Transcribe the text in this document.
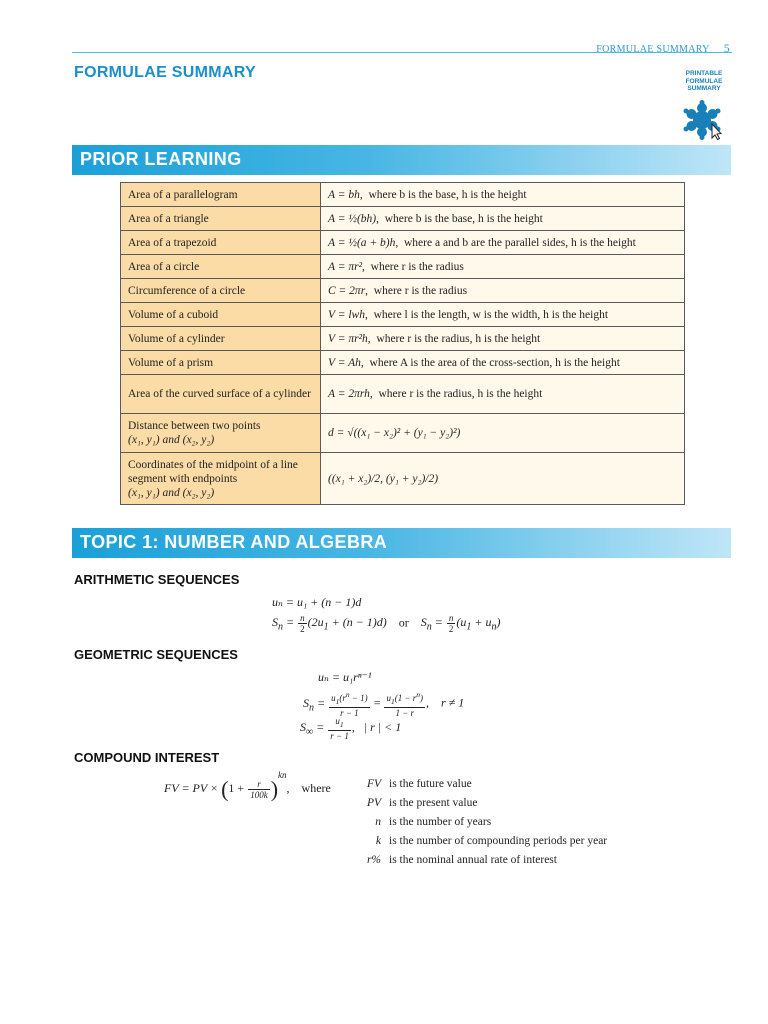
FORMULAE SUMMARY 5
FORMULAE SUMMARY	PRINTABLE
FORMULAE
SUMMARY
PRIOR LEARNING
Area of a parallelogram	A = bh,  where b is the base, h is the height
Area of a triangle	A = ½(bh),  where b is the base, h is the height
Area of a trapezoid	A = ½(a + b)h,  where a and b are the parallel sides, h is the height
Area of a circle	A = πr²,  where r is the radius
Circumference of a circle	C = 2πr,  where r is the radius
Volume of a cuboid	V = lwh,  where l is the length, w is the width, h is the height
Volume of a cylinder	V = πr²h,  where r is the radius, h is the height
Volume of a prism	V = Ah,  where A is the area of the cross-section, h is the height
Area of the curved surface of a cylinder	A = 2πrh,  where r is the radius, h is the height

Distance between two points
(x₁, y₁) and (x₂, y₂)	d = √((x₁ − x₂)² + (y₁ − y₂)²)

Coordinates of the midpoint of a line segment with endpoints
(x₁, y₁) and (x₂, y₂)	((x₁ + x₂)/2, (y₁ + y₂)/2)
TOPIC 1: NUMBER AND ALGEBRA
ARITHMETIC SEQUENCES
uₙ = u₁ + (n − 1)d
$S_n = \frac{n}{2} (2u_1 + (n - 1)d)$ or $S_n = \frac{n}{2} (u_1 + u_n)$
GEOMETRIC SEQUENCES
uₙ = u₁rⁿ⁻¹
$S_n = \frac{u_1(r^n - 1)}{r - 1} = \frac{u_1(1 - r^n)}{1 - r}$ ,    r ≠ 1
$S_\infty = \frac{u_1}{r - 1}$ ,   | r | < 1
COMPOUND INTEREST
FV = PV × $(1 + \frac{r}{100k} )^{kn}$,    where	FV is the future value
PV is the present value
n is the number of years
k is the number of compounding periods per year
r% is the nominal annual rate of interest
